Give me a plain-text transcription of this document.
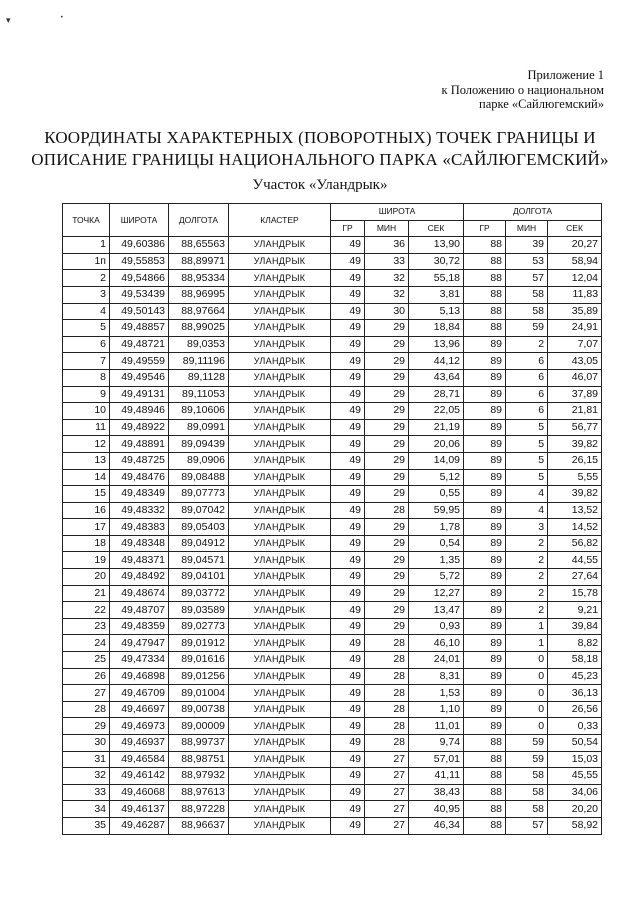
▾	•
Приложение 1
к Положению о национальном
парке «Сайлюгемский»
КООРДИНАТЫ ХАРАКТЕРНЫХ (ПОВОРОТНЫХ) ТОЧЕК ГРАНИЦЫ И
ОПИСАНИЕ ГРАНИЦЫ НАЦИОНАЛЬНОГО ПАРКА «САЙЛЮГЕМСКИЙ»
Участок «Уландрык»
ТОЧКА	ШИРОТА	ДОЛГОТА	КЛАСТЕР	ШИРОТА			ДОЛГОТА		
				ГР	МИН	СЕК	ГР	МИН	СЕК
1	49,60386	88,65563	УЛАНДРЫК	49	36	13,90	88	39	20,27
1п	49,55853	88,89971	УЛАНДРЫК	49	33	30,72	88	53	58,94
2	49,54866	88,95334	УЛАНДРЫК	49	32	55,18	88	57	12,04
3	49,53439	88,96995	УЛАНДРЫК	49	32	3,81	88	58	11,83
4	49,50143	88,97664	УЛАНДРЫК	49	30	5,13	88	58	35,89
5	49,48857	88,99025	УЛАНДРЫК	49	29	18,84	88	59	24,91
6	49,48721	89,0353	УЛАНДРЫК	49	29	13,96	89	2	7,07
7	49,49559	89,11196	УЛАНДРЫК	49	29	44,12	89	6	43,05
8	49,49546	89,1128	УЛАНДРЫК	49	29	43,64	89	6	46,07
9	49,49131	89,11053	УЛАНДРЫК	49	29	28,71	89	6	37,89
10	49,48946	89,10606	УЛАНДРЫК	49	29	22,05	89	6	21,81
11	49,48922	89,0991	УЛАНДРЫК	49	29	21,19	89	5	56,77
12	49,48891	89,09439	УЛАНДРЫК	49	29	20,06	89	5	39,82
13	49,48725	89,0906	УЛАНДРЫК	49	29	14,09	89	5	26,15
14	49,48476	89,08488	УЛАНДРЫК	49	29	5,12	89	5	5,55
15	49,48349	89,07773	УЛАНДРЫК	49	29	0,55	89	4	39,82
16	49,48332	89,07042	УЛАНДРЫК	49	28	59,95	89	4	13,52
17	49,48383	89,05403	УЛАНДРЫК	49	29	1,78	89	3	14,52
18	49,48348	89,04912	УЛАНДРЫК	49	29	0,54	89	2	56,82
19	49,48371	89,04571	УЛАНДРЫК	49	29	1,35	89	2	44,55
20	49,48492	89,04101	УЛАНДРЫК	49	29	5,72	89	2	27,64
21	49,48674	89,03772	УЛАНДРЫК	49	29	12,27	89	2	15,78
22	49,48707	89,03589	УЛАНДРЫК	49	29	13,47	89	2	9,21
23	49,48359	89,02773	УЛАНДРЫК	49	29	0,93	89	1	39,84
24	49,47947	89,01912	УЛАНДРЫК	49	28	46,10	89	1	8,82
25	49,47334	89,01616	УЛАНДРЫК	49	28	24,01	89	0	58,18
26	49,46898	89,01256	УЛАНДРЫК	49	28	8,31	89	0	45,23
27	49,46709	89,01004	УЛАНДРЫК	49	28	1,53	89	0	36,13
28	49,46697	89,00738	УЛАНДРЫК	49	28	1,10	89	0	26,56
29	49,46973	89,00009	УЛАНДРЫК	49	28	11,01	89	0	0,33
30	49,46937	88,99737	УЛАНДРЫК	49	28	9,74	88	59	50,54
31	49,46584	88,98751	УЛАНДРЫК	49	27	57,01	88	59	15,03
32	49,46142	88,97932	УЛАНДРЫК	49	27	41,11	88	58	45,55
33	49,46068	88,97613	УЛАНДРЫК	49	27	38,43	88	58	34,06
34	49,46137	88,97228	УЛАНДРЫК	49	27	40,95	88	58	20,20
35	49,46287	88,96637	УЛАНДРЫК	49	27	46,34	88	57	58,92
